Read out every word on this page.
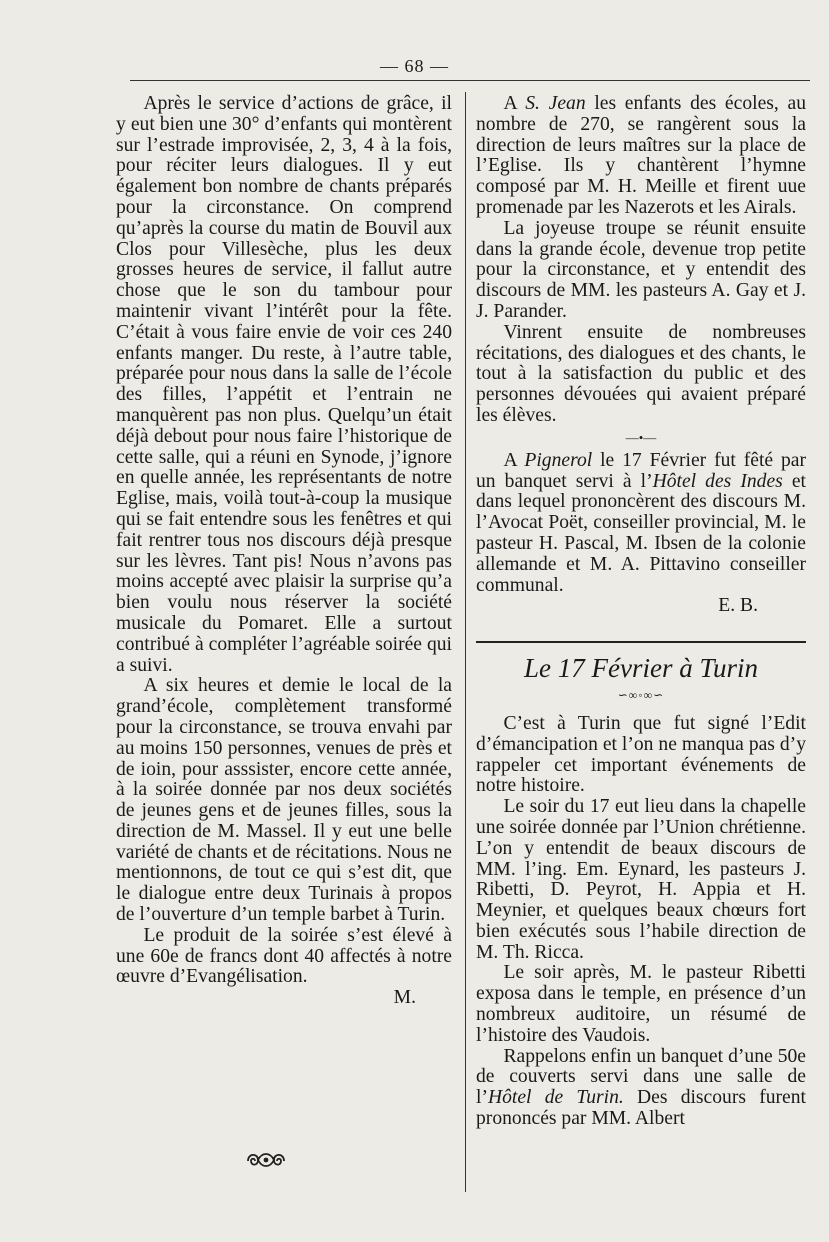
— 68 —

Après le service d’actions de grâce, il y eut bien une 30° d’enfants qui montèrent sur l’estrade improvisée, 2, 3, 4 à la fois, pour réciter leurs dialogues. Il y eut également bon nombre de chants préparés pour la circonstance. On comprend qu’après la course du matin de Bouvil aux Clos pour Villesèche, plus les deux grosses heures de service, il fallut autre chose que le son du tambour pour maintenir vivant l’intérêt pour la fête. C’était à vous faire envie de voir ces 240 enfants manger. Du reste, à l’autre table, préparée pour nous dans la salle de l’école des filles, l’appétit et l’entrain ne manquèrent pas non plus. Quelqu’un était déjà debout pour nous faire l’historique de cette salle, qui a réuni en Synode, j’ignore en quelle année, les représentants de notre Eglise, mais, voilà tout-à-coup la musique qui se fait entendre sous les fenêtres et qui fait rentrer tous nos discours déjà presque sur les lèvres. Tant pis! Nous n’avons pas moins accepté avec plaisir la surprise qu’a bien voulu nous réserver la société musicale du Pomaret. Elle a surtout contribué à compléter l’agréable soirée qui a suivi.

A six heures et demie le local de la grand’école, complètement transformé pour la circonstance, se trouva envahi par au moins 150 personnes, venues de près et de ioin, pour asssister, encore cette année, à la soirée donnée par nos deux sociétés de jeunes gens et de jeunes filles, sous la direction de M. Massel. Il y eut une belle variété de chants et de récitations. Nous ne mentionnons, de tout ce qui s’est dit, que le dialogue entre deux Turinais à propos de l’ouverture d’un temple barbet à Turin.

Le produit de la soirée s’est élevé à une 60e de francs dont 40 affectés à notre œuvre d’Evangélisation.

M.

A S. Jean les enfants des écoles, au nombre de 270, se rangèrent sous la direction de leurs maîtres sur la place de l’Eglise. Ils y chantèrent l’hymne composé par M. H. Meille et firent uue promenade par les Nazerots et les Airals.

La joyeuse troupe se réunit ensuite dans la grande école, devenue trop petite pour la circonstance, et y entendit des discours de MM. les pasteurs A. Gay et J. J. Parander.

Vinrent ensuite de nombreuses récitations, des dialogues et des chants, le tout à la satisfaction du public et des personnes dévouées qui avaient préparé les élèves.

—•—

A Pignerol le 17 Février fut fêté par un banquet servi à l’Hôtel des Indes et dans lequel prononcèrent des discours M. l’Avocat Poët, conseiller provincial, M. le pasteur H. Pascal, M. Ibsen de la colonie allemande et M. A. Pittavino conseiller communal.

E. B.

Le 17 Février à Turin
∽∞◦∞∽

C’est à Turin que fut signé l’Edit d’émancipation et l’on ne manqua pas d’y rappeler cet important événements de notre histoire.

Le soir du 17 eut lieu dans la chapelle une soirée donnée par l’Union chrétienne. L’on y entendit de beaux discours de MM. l’ing. Em. Eynard, les pasteurs J. Ribetti, D. Peyrot, H. Appia et H. Meynier, et quelques beaux chœurs fort bien exécutés sous l’habile direction de M. Th. Ricca.

Le soir après, M. le pasteur Ribetti exposa dans le temple, en présence d’un nombreux auditoire, un résumé de l’histoire des Vaudois.

Rappelons enfin un banquet d’une 50e de couverts servi dans une salle de l’Hôtel de Turin. Des discours furent prononcés par MM. Albert
